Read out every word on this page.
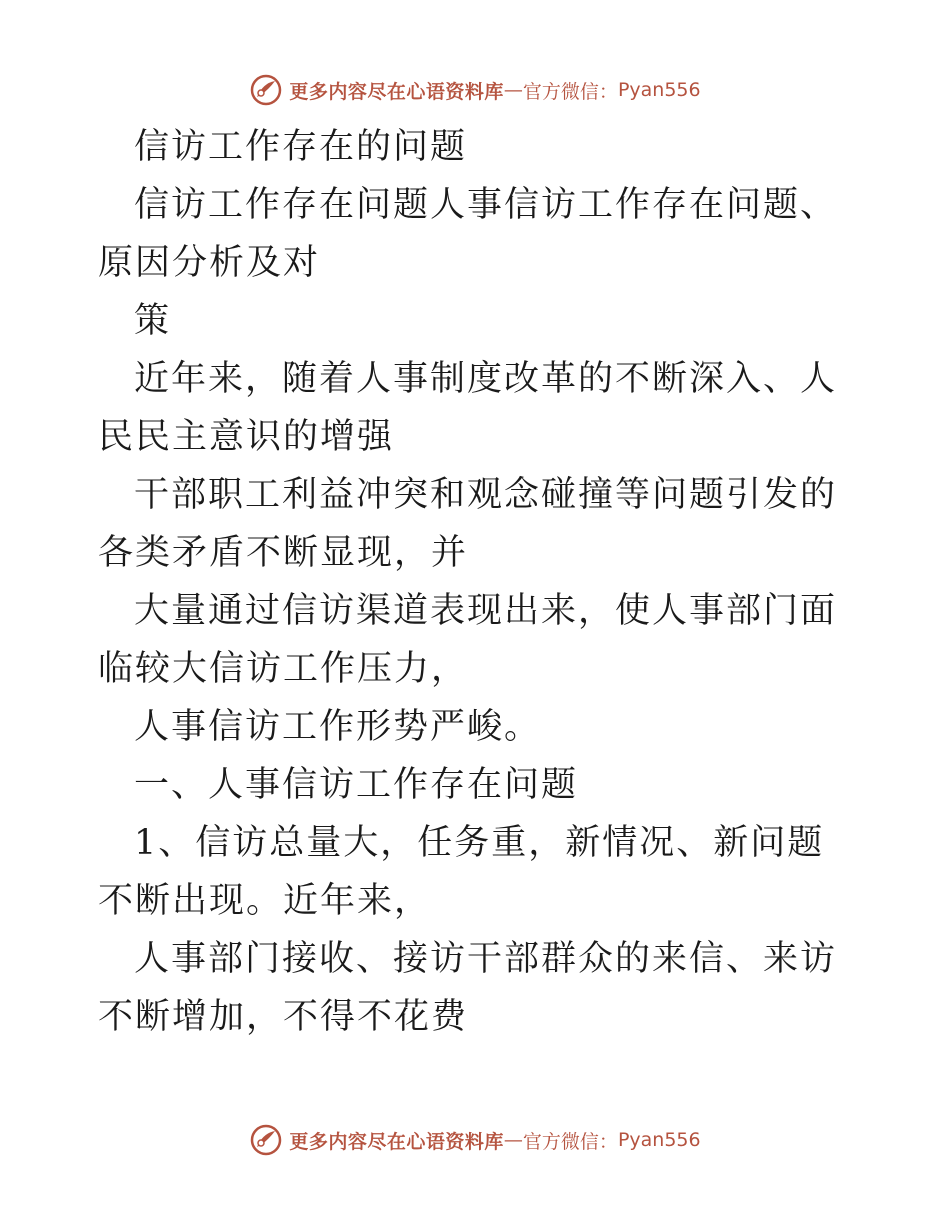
更多内容尽在心语资料库 — 官方微信： Pyan556

信访工作存在的问题

信访工作存在问题人事信访工作存在问题、原因分析及对

策

近年来，随着人事制度改革的不断深入、人民民主意识的增强

干部职工利益冲突和观念碰撞等问题引发的各类矛盾不断显现，并

大量通过信访渠道表现出来，使人事部门面临较大信访工作压力，

人事信访工作形势严峻。

一、人事信访工作存在问题

1、信访总量大，任务重，新情况、新问题不断出现。近年来，

人事部门接收、接访干部群众的来信、来访不断增加，不得不花费

更多内容尽在心语资料库 — 官方微信： Pyan556
